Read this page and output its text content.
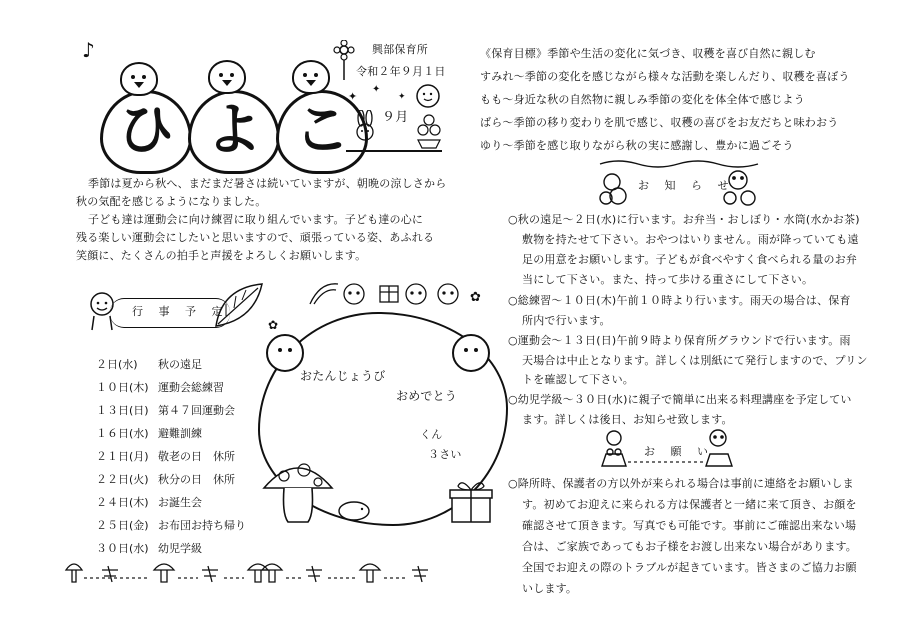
♪
ひ よ こ
興部保育所
令和２年９月１日
✦
✦
✦
９月
季節は夏から秋へ、まだまだ暑さは続いていますが、朝晩の涼しさから
秋の気配を感じるようになりました。
子ども達は運動会に向け練習に取り組んでいます。子ども達の心に
残る楽しい運動会にしたいと思いますので、頑張っている姿、あふれる
笑顔に、たくさんの拍手と声援をよろしくお願いします。
《保育目標》季節や生活の変化に気づき、収穫を喜び自然に親しむ
すみれ～季節の変化を感じながら様々な活動を楽しんだり、収穫を喜ぼう
もも～身近な秋の自然物に親しみ季節の変化を体全体で感じよう
ばら～季節の移り変わりを肌で感じ、収穫の喜びをお友だちと味わおう
ゆり～季節を感じ取りながら秋の実に感謝し、豊かに過ごそう
行 事 予 定
２日(水) 秋の遠足
１０日(木) 運動会総練習
１３日(日) 第４７回運動会
１６日(水) 避難訓練
２１日(月) 敬老の日　休所
２２日(火) 秋分の日　休所
２４日(木) お誕生会
２５日(金) お布団お持ち帰り
３０日(水) 幼児学級
✿
✿
おたんじょうび
おめでとう
くん
３さい
お 知 ら せ
○秋の遠足～２日(水)に行います。お弁当・おしぼり・水筒(水かお茶)
敷物を持たせて下さい。おやつはいりません。雨が降っていても遠
足の用意をお願いします。子どもが食べやすく食べられる量のお弁
当にして下さい。また、持って歩ける重さにして下さい。
○総練習～１０日(木)午前１０時より行います。雨天の場合は、保育
所内で行います。
○運動会～１３日(日)午前９時より保育所グラウンドで行います。雨
天場合は中止となります。詳しくは別紙にて発行しますので、プリン
トを確認して下さい。
○幼児学級～３０日(水)に親子で簡単に出来る料理講座を予定してい
ます。詳しくは後日、お知らせ致します。
お 願 い
○降所時、保護者の方以外が来られる場合は事前に連絡をお願いしま
す。初めてお迎えに来られる方は保護者と一緒に来て頂き、お顔を
確認させて頂きます。写真でも可能です。事前にご確認出来ない場
合は、ご家族であってもお子様をお渡し出来ない場合があります。
全国でお迎えの際のトラブルが起きています。皆さまのご協力お願
いします。
